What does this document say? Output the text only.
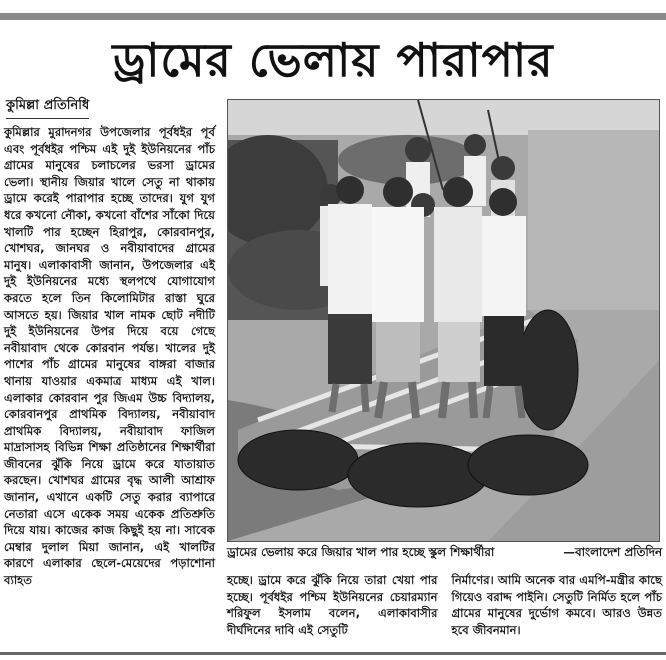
ড্রামের ভেলায় পারাপার
কুমিল্লা প্রতিনিধি
কুমিল্লার মুরাদনগর উপজেলার পূর্বধইর পূর্ব এবং পূর্বধইর পশ্চিম এই দুই ইউনিয়নের পাঁচ গ্রামের মানুষের চলাচলের ভরসা ড্রামের ভেলা। স্থানীয় জিয়ার খালে সেতু না থাকায় ড্রামে করেই পারাপার হচ্ছে তাদের। যুগ যুগ ধরে কখনো নৌকা, কখনো বাঁশের সাঁকো দিয়ে খালটি পার হচ্ছেন হিরাপুর, কোরবানপুর, খোশঘর, জানঘর ও নবীয়াবাদের গ্রামের মানুষ। এলাকাবাসী জানান, উপজেলার এই দুই ইউনিয়নের মধ্যে স্থলপথে যোগাযোগ করতে হলে তিন কিলোমিটার রাস্তা ঘুরে আসতে হয়। জিয়ার খাল নামক ছোট নদীটি দুই ইউনিয়নের উপর দিয়ে বয়ে গেছে নবীয়াবাদ থেকে কোরবান পর্যন্ত। খালের দুই পাশের পাঁচ গ্রামের মানুষের বাঙ্গরা বাজার থানায় যাওয়ার একমাত্র মাধ্যম এই খাল। এলাকার কোরবান পুর জিএম উচ্চ বিদ্যালয়, কোরবানপুর প্রাথমিক বিদ্যালয়, নবীয়াবাদ প্রাথমিক বিদ্যালয়, নবীয়াবাদ ফাজিল মাদ্রাসাসহ বিভিন্ন শিক্ষা প্রতিষ্ঠানের শিক্ষার্থীরা জীবনের ঝুঁকি নিয়ে ড্রামে করে যাতায়াত করছেন। খোশঘর গ্রামের বৃদ্ধ আলী আশ্রাফ জানান, এখানে একটি সেতু করার ব্যাপারে নেতারা এসে একেক সময় একেক প্রতিশ্রুতি দিয়ে যায়। কাজের কাজ কিছুই হয় না। সাবেক মেম্বার দুলাল মিয়া জানান, এই খালটির কারণে এলাকার ছেলে-মেয়েদের পড়াশোনা ব্যাহত
ড্রামের ভেলায় করে জিয়ার খাল পার হচ্ছে স্কুল শিক্ষার্থীরা	—বাংলাদেশ প্রতিদিন
হচ্ছে। ড্রামে করে ঝুঁকি নিয়ে তারা খেয়া পার হচ্ছে। পূর্বধইর পশ্চিম ইউনিয়নের চেয়ারম্যান শরিফুল ইসলাম বলেন, এলাকাবাসীর দীর্ঘদিনের দাবি এই সেতুটি
নির্মাণের। আমি অনেক বার এমপি-মন্ত্রীর কাছে গিয়েও বরাদ্দ পাইনি। সেতুটি নির্মিত হলে পাঁচ গ্রামের মানুষের দুর্ভোগ কমবে। আরও উন্নত হবে জীবনমান।
